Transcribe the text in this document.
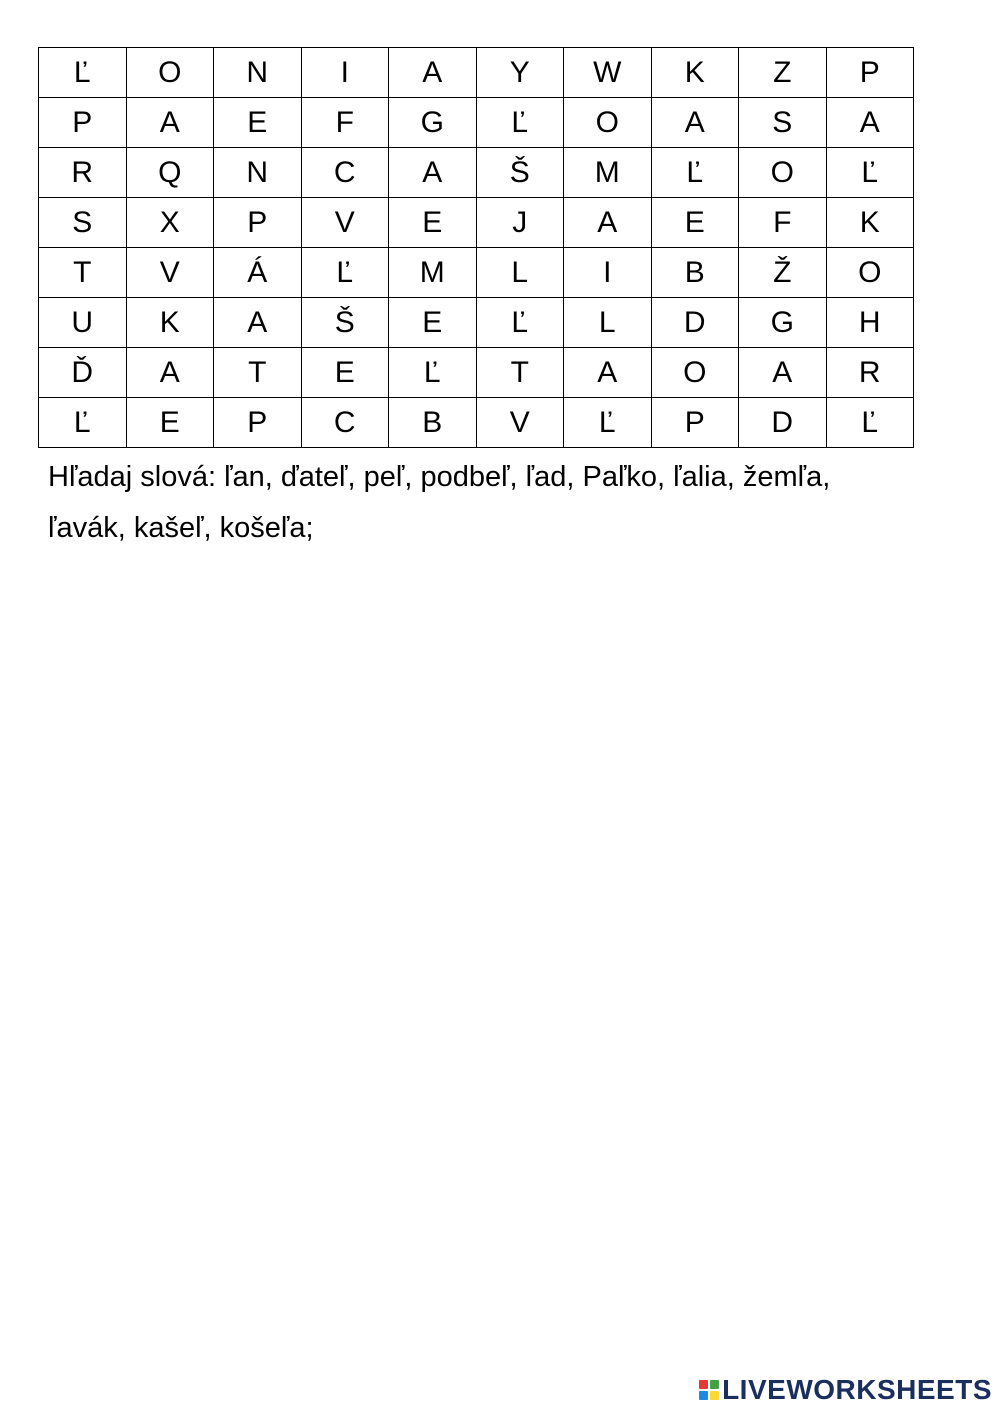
Ľ	O	N	I	A	Y	W	K	Z	P
P	A	E	F	G	Ľ	O	A	S	A
R	Q	N	C	A	Š	M	Ľ	O	Ľ
S	X	P	V	E	J	A	E	F	K
T	V	Á	Ľ	M	L	I	B	Ž	O
U	K	A	Š	E	Ľ	L	D	G	H
Ď	A	T	E	Ľ	T	A	O	A	R
Ľ	E	P	C	B	V	Ľ	P	D	Ľ

Hľadaj slová: ľan, ďateľ, peľ, podbeľ, ľad, Paľko, ľalia, žemľa, ľavák, kašeľ, košeľa;

LIVEWORKSHEETS
